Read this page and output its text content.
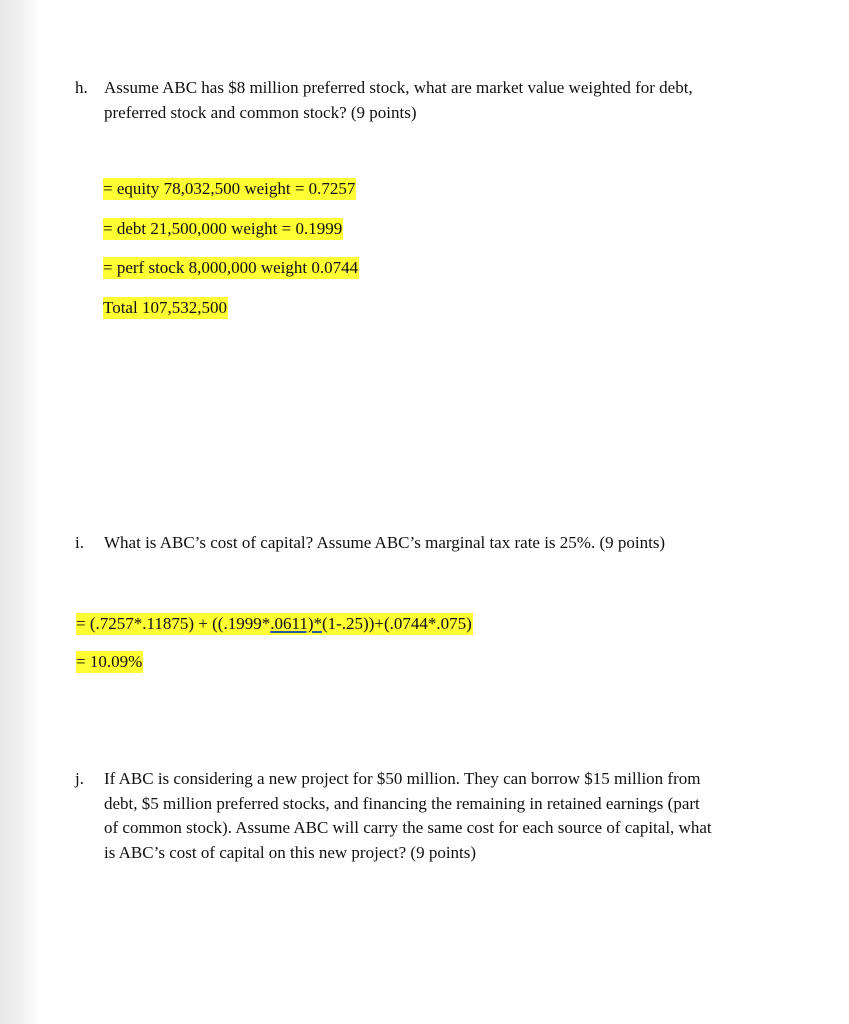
h. Assume ABC has $8 million preferred stock, what are market value weighted for debt,
preferred stock and common stock? (9 points)
= equity 78,032,500 weight = 0.7257
= debt 21,500,000 weight = 0.1999
= perf stock 8,000,000 weight 0.0744
Total 107,532,500
i. What is ABC’s cost of capital? Assume ABC’s marginal tax rate is 25%. (9 points)
= (.7257*.11875) + ((.1999*.0611)*(1-.25))+(.0744*.075)
= 10.09%
j. If ABC is considering a new project for $50 million. They can borrow $15 million from
debt, $5 million preferred stocks, and financing the remaining in retained earnings (part
of common stock). Assume ABC will carry the same cost for each source of capital, what
is ABC’s cost of capital on this new project? (9 points)
